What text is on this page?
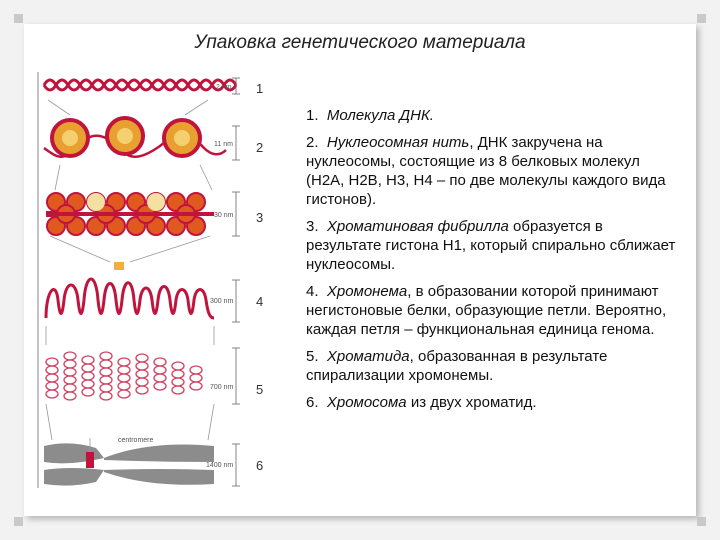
Упаковка генетического материала
centromere
2 nm
11 nm
30 nm
300 nm
700 nm
1400 nm
1
2
3
4
5
6
1. Молекула ДНК.
2. Нуклеосомная нить, ДНК закручена на нуклеосомы, состоящие из 8 белковых молекул (H2A, H2B, H3, H4 – по две молекулы каждого вида гистонов).
3. Хроматиновая фибрилла образуется в результате гистона H1, который спирально сближает нуклеосомы.
4. Хромонема, в образовании которой принимают негистоновые белки, образующие петли. Вероятно, каждая петля – функциональная единица генома.
5. Хроматида, образованная в результате спирализации хромонемы.
6. Хромосома из двух хроматид.
